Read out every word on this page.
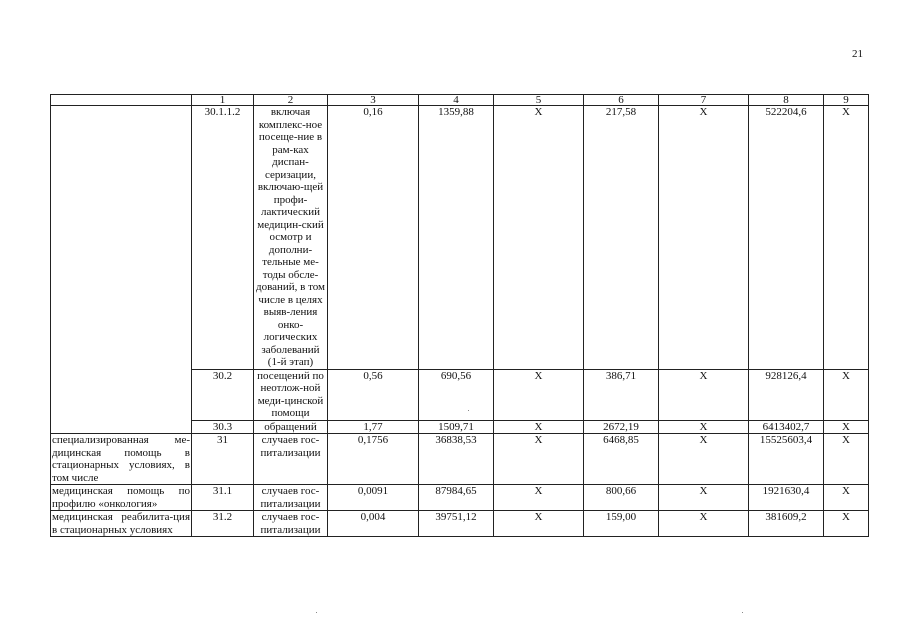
21
	1	2	3	4	5	6	7	8	9
	30.1.1.2	включая комплекс-ное посеще-ние в рам-ках диспан-серизации, включаю-щей профи-лактический медицин-ский осмотр и дополни-тельные ме-тоды обсле-дований, в том числе в целях выяв-ления онко-логических заболеваний (1-й этап)	0,16	1359,88	Х	217,58	Х	522204,6	Х
	30.2	посещений по неотлож-ной меди-цинской помощи	0,56	690,56	Х	386,71	Х	928126,4	Х
	30.3	обращений	1,77	1509,71	Х	2672,19	Х	6413402,7	Х
специализированная ме-дицинская помощь в стационарных условиях, в том числе	31	случаев гос-питализации	0,1756	36838,53	Х	6468,85	Х	15525603,4	Х
медицинская помощь по профилю «онкология»	31.1	случаев гос-питализации	0,0091	87984,65	Х	800,66	Х	1921630,4	Х
медицинская реабилита-ция в стационарных условиях	31.2	случаев гос-питализации	0,004	39751,12	Х	159,00	Х	381609,2	Х
